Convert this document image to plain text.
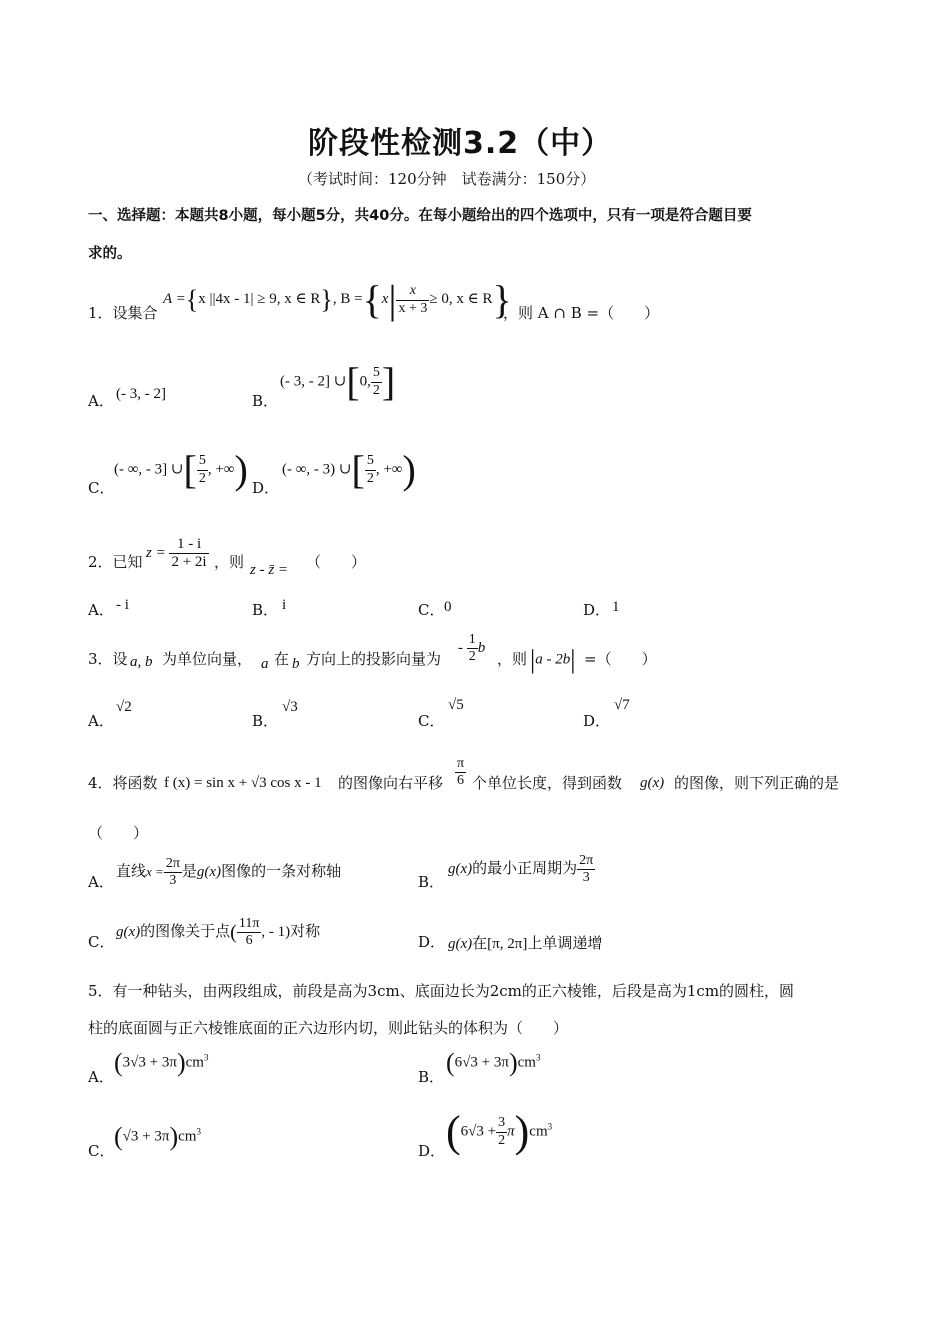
阶段性检测3.2（中）
（考试时间：120分钟　试卷满分：150分）
一、选择题：本题共8小题，每小题5分，共40分。在每小题给出的四个选项中，只有一项是符合题目要
求的。
1．设集合
A ={x ||4x - 1| ≥ 9, x ∈ R}, $B =\{x| \frac{x}{x + 3} \ge 0$, x ∈ R}
，则 A ∩ B =（　　）
A． (- 3, - 2]	B．
(- 3, - 2] ∪[0, $\frac{5}{2}$ ]
C．
(- ∞, - 3] ∪[ $\frac{5}{2}$ , +∞) D．
(- ∞, - 3) ∪[ $\frac{5}{2}$ , +∞)
2．已知 $z = \frac{1 - i}{2 + 2i}$ ，则 z - z̄ = （　　）
A． - i	B． i	C． 0	D． 1
3．设 a, b 为单位向量， a 在 b 方向上的投影向量为
- $\frac{1}{2}$ b
，则 |a - 2b| =（　　）
A．
√2
B．
√3
C．
√5
D．
√7
4．将函数 f (x) = sin x + √3 cos x - 1 的图像向右平移 $\frac{\pi}{6}$ 个单位长度，得到函数 g(x) 的图像，则下列正确的是
（　　）
A．
直线$x = \frac{2\pi}{3}$ 是g(x)图像的一条对称轴
B．
g(x)的最小正周期为 $\frac{2\pi}{3}$
C．
g(x)的图像关于点( $\frac{11\pi}{6}$ , - 1)对称
D． g(x)在[π, 2π]上单调递增
5．有一种钻头，由两段组成，前段是高为3cm、底面边长为2cm的正六棱锥，后段是高为1cm的圆柱，圆
柱的底面圆与正六棱锥底面的正六边形内切，则此钻头的体积为（　　）
A． $(3√3 + 3\pi)cm^3$
B． $(6√3 + 3\pi)cm^3$
C． $(√3 + 3\pi)cm^3$
D． $(6√3 + \frac{3}{2} \pi)cm^3$
